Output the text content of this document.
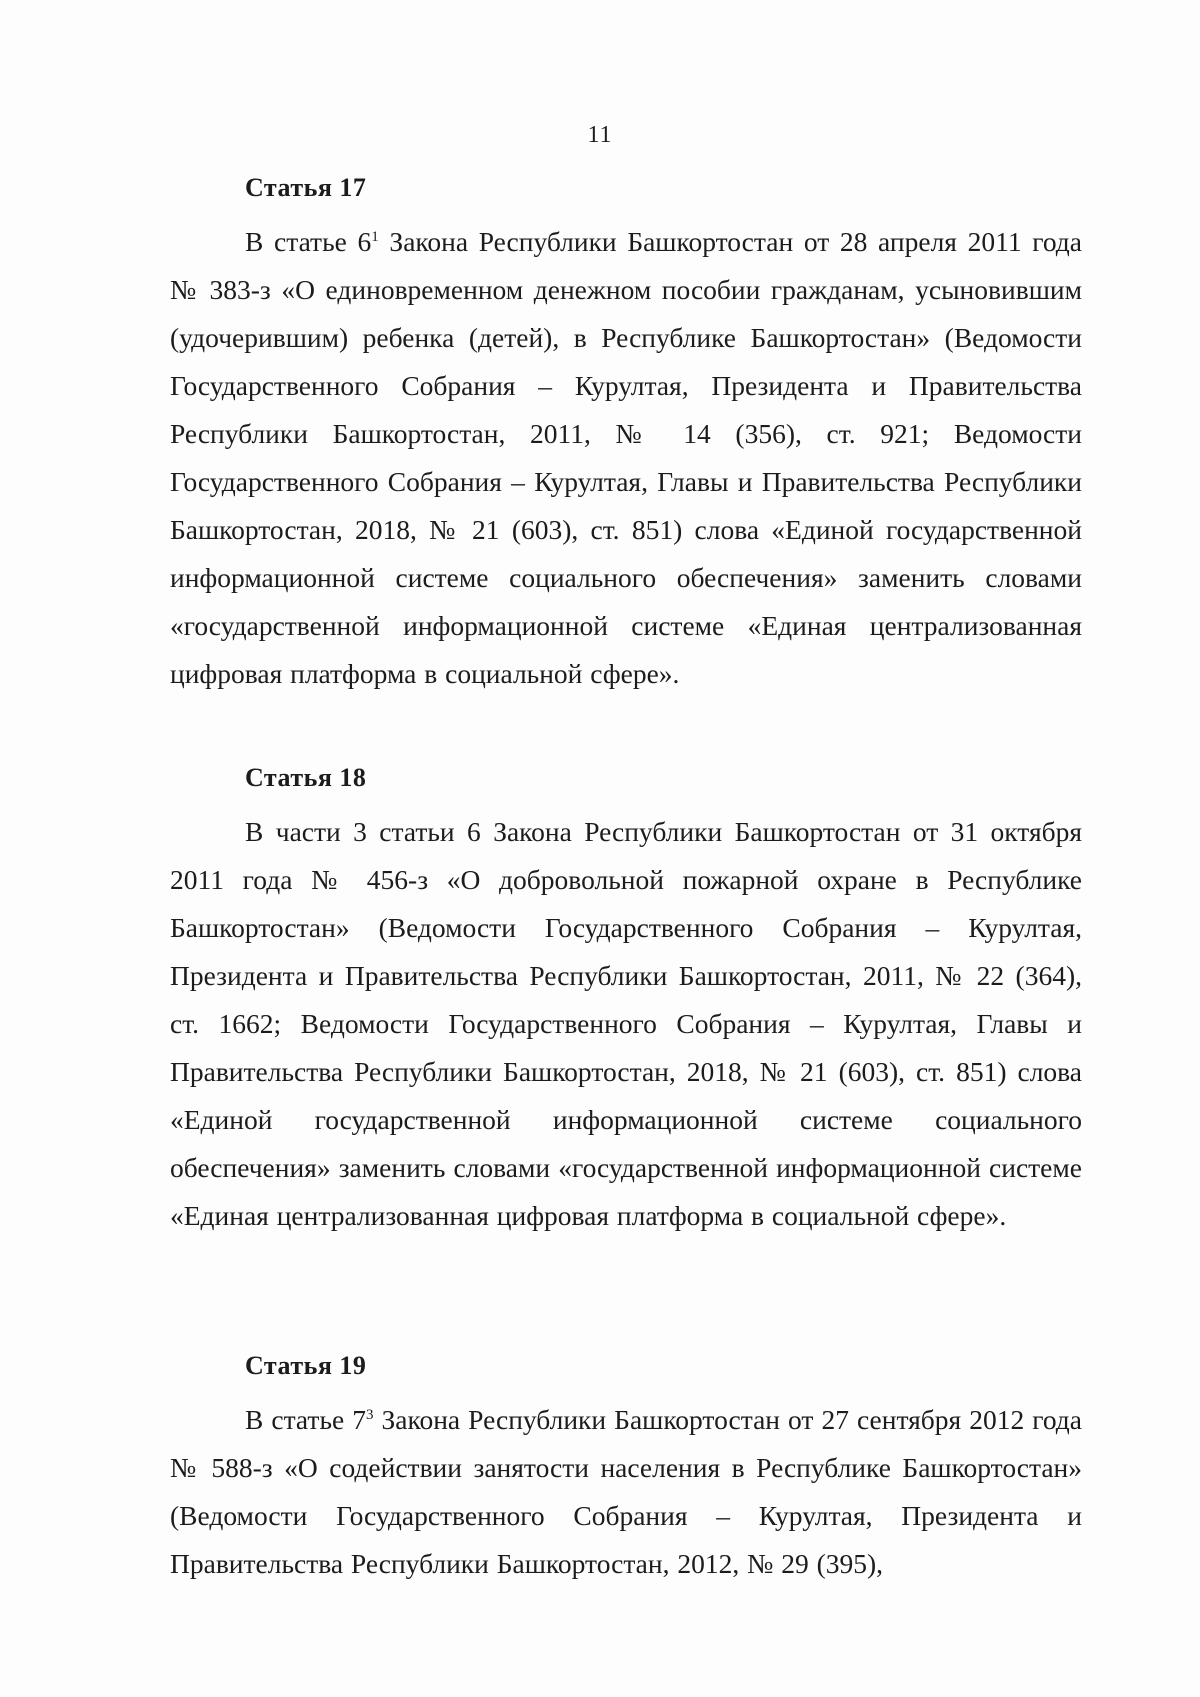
11
Статья 17

В статье $6^1$ Закона Республики Башкортостан от 28 апреля 2011 года № 383-з «О единовременном денежном пособии гражданам, усыновившим (удочерившим) ребенка (детей), в Республике Башкортостан» (Ведомости Государственного Собрания – Курултая, Президента и Правительства Республики Башкортостан, 2011, № 14 (356), ст. 921; Ведомости Государственного Собрания – Курултая, Главы и Правительства Республики Башкортостан, 2018, № 21 (603), ст. 851) слова «Единой государственной информационной системе социального обеспечения» заменить словами «государственной информационной системе «Единая централизованная цифровая платформа в социальной сфере».

Статья 18

В части 3 статьи 6 Закона Республики Башкортостан от 31 октября 2011 года № 456-з «О добровольной пожарной охране в Республике Башкортостан» (Ведомости Государственного Собрания – Курултая, Президента и Правительства Республики Башкортостан, 2011, № 22 (364), ст. 1662; Ведомости Государственного Собрания – Курултая, Главы и Правительства Республики Башкортостан, 2018, № 21 (603), ст. 851) слова «Единой государственной информационной системе социального обеспечения» заменить словами «государственной информационной системе «Единая централизованная цифровая платформа в социальной сфере».

Статья 19

В статье $7^3$ Закона Республики Башкортостан от 27 сентября 2012 года № 588-з «О содействии занятости населения в Республике Башкортостан» (Ведомости Государственного Собрания – Курултая, Президента и Правительства Республики Башкортостан, 2012, № 29 (395),
